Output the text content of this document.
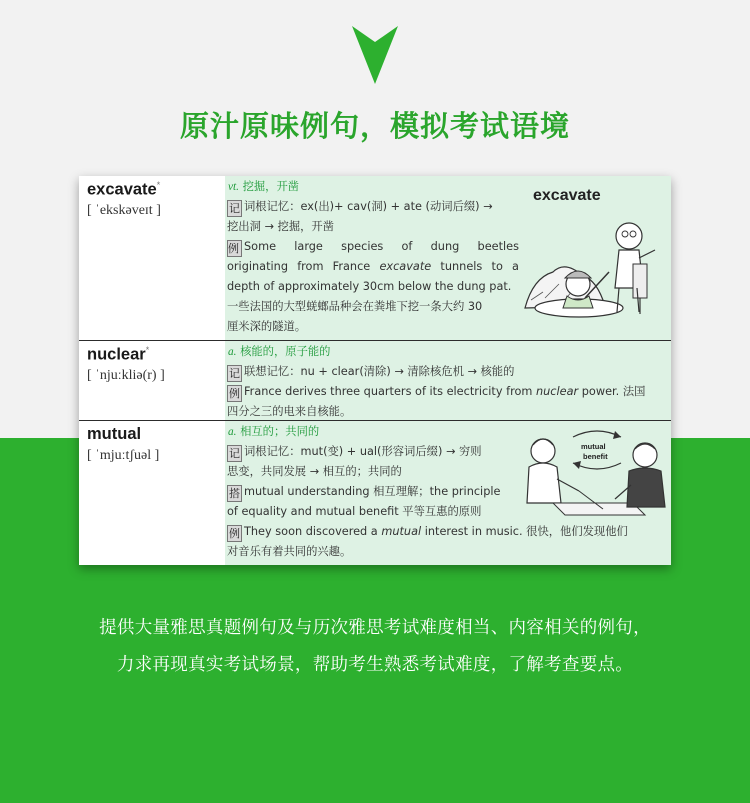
原汁原味例句，模拟考试语境
excavate*
[ ˈekskəveɪt ]
vt. 挖掘，开凿
记 词根记忆：ex(出)+ cav(洞) + ate (动词后缀) →
挖出洞 → 挖掘，开凿
例 Some large species of dung beetles
originating from France excavate tunnels to a
depth of approximately 30cm below the dung pat.
一些法国的大型蜣螂品种会在粪堆下挖一条大约 30
厘米深的隧道。
excavate
nuclear*
[ ˈnjuːkliə(r) ]
a. 核能的，原子能的
记 联想记忆：nu + clear(清除) → 清除核危机 → 核能的
例 France derives three quarters of its electricity from nuclear power. 法国
四分之三的电来自核能。
mutual
[ ˈmjuːtʃuəl ]
a. 相互的；共同的
记 词根记忆：mut(变) + ual(形容词后缀) → 穷则
思变，共同发展 → 相互的；共同的
搭 mutual understanding 相互理解；the principle
of equality and mutual benefit 平等互惠的原则
例 They soon discovered a mutual interest in music. 很快，他们发现他们
对音乐有着共同的兴趣。
mutual
benefit
提供大量雅思真题例句及与历次雅思考试难度相当、内容相关的例句，
力求再现真实考试场景，帮助考生熟悉考试难度，了解考查要点。
